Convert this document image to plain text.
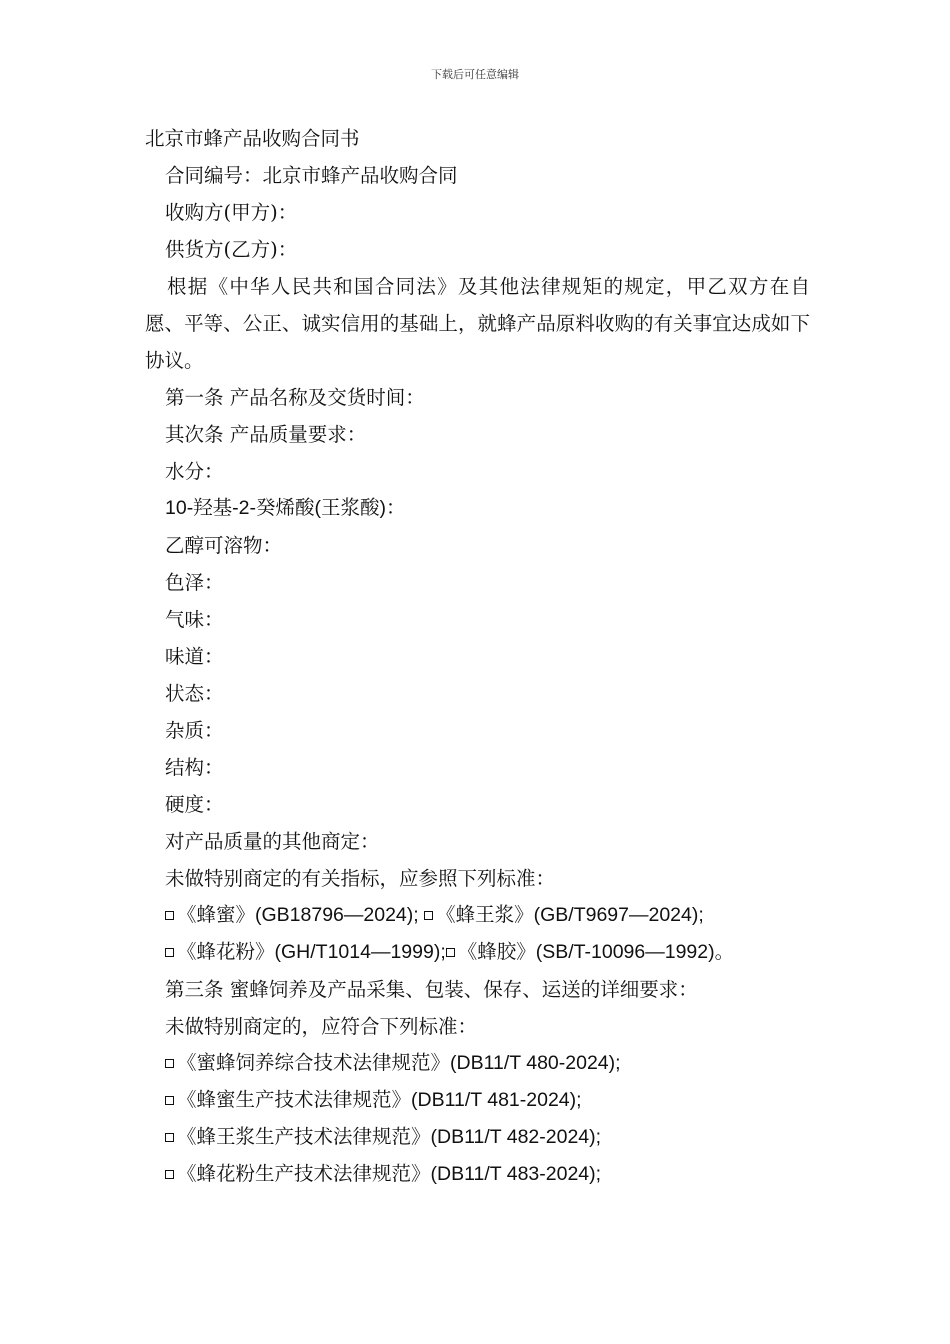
下载后可任意编辑
北京市蜂产品收购合同书
合同编号：北京市蜂产品收购合同
收购方(甲方)：
供货方(乙方)：
根据《中华人民共和国合同法》及其他法律规矩的规定，甲乙双方在自愿、平等、公正、诚实信用的基础上，就蜂产品原料收购的有关事宜达成如下协议。
第一条 产品名称及交货时间：
其次条 产品质量要求：
水分：
10-羟基-2-癸烯酸(王浆酸)：
乙醇可溶物：
色泽：
气味：
味道：
状态：
杂质：
结构：
硬度：
对产品质量的其他商定：
未做特别商定的有关指标，应参照下列标准：
《蜂蜜》(GB18796—2024); 《蜂王浆》(GB/T9697—2024);
《蜂花粉》(GH/T1014—1999); 《蜂胶》(SB/T-10096—1992)。
第三条 蜜蜂饲养及产品采集、包装、保存、运送的详细要求：
未做特别商定的，应符合下列标准：
《蜜蜂饲养综合技术法律规范》(DB11/T 480-2024);
《蜂蜜生产技术法律规范》(DB11/T 481-2024);
《蜂王浆生产技术法律规范》(DB11/T 482-2024);
《蜂花粉生产技术法律规范》(DB11/T 483-2024);
